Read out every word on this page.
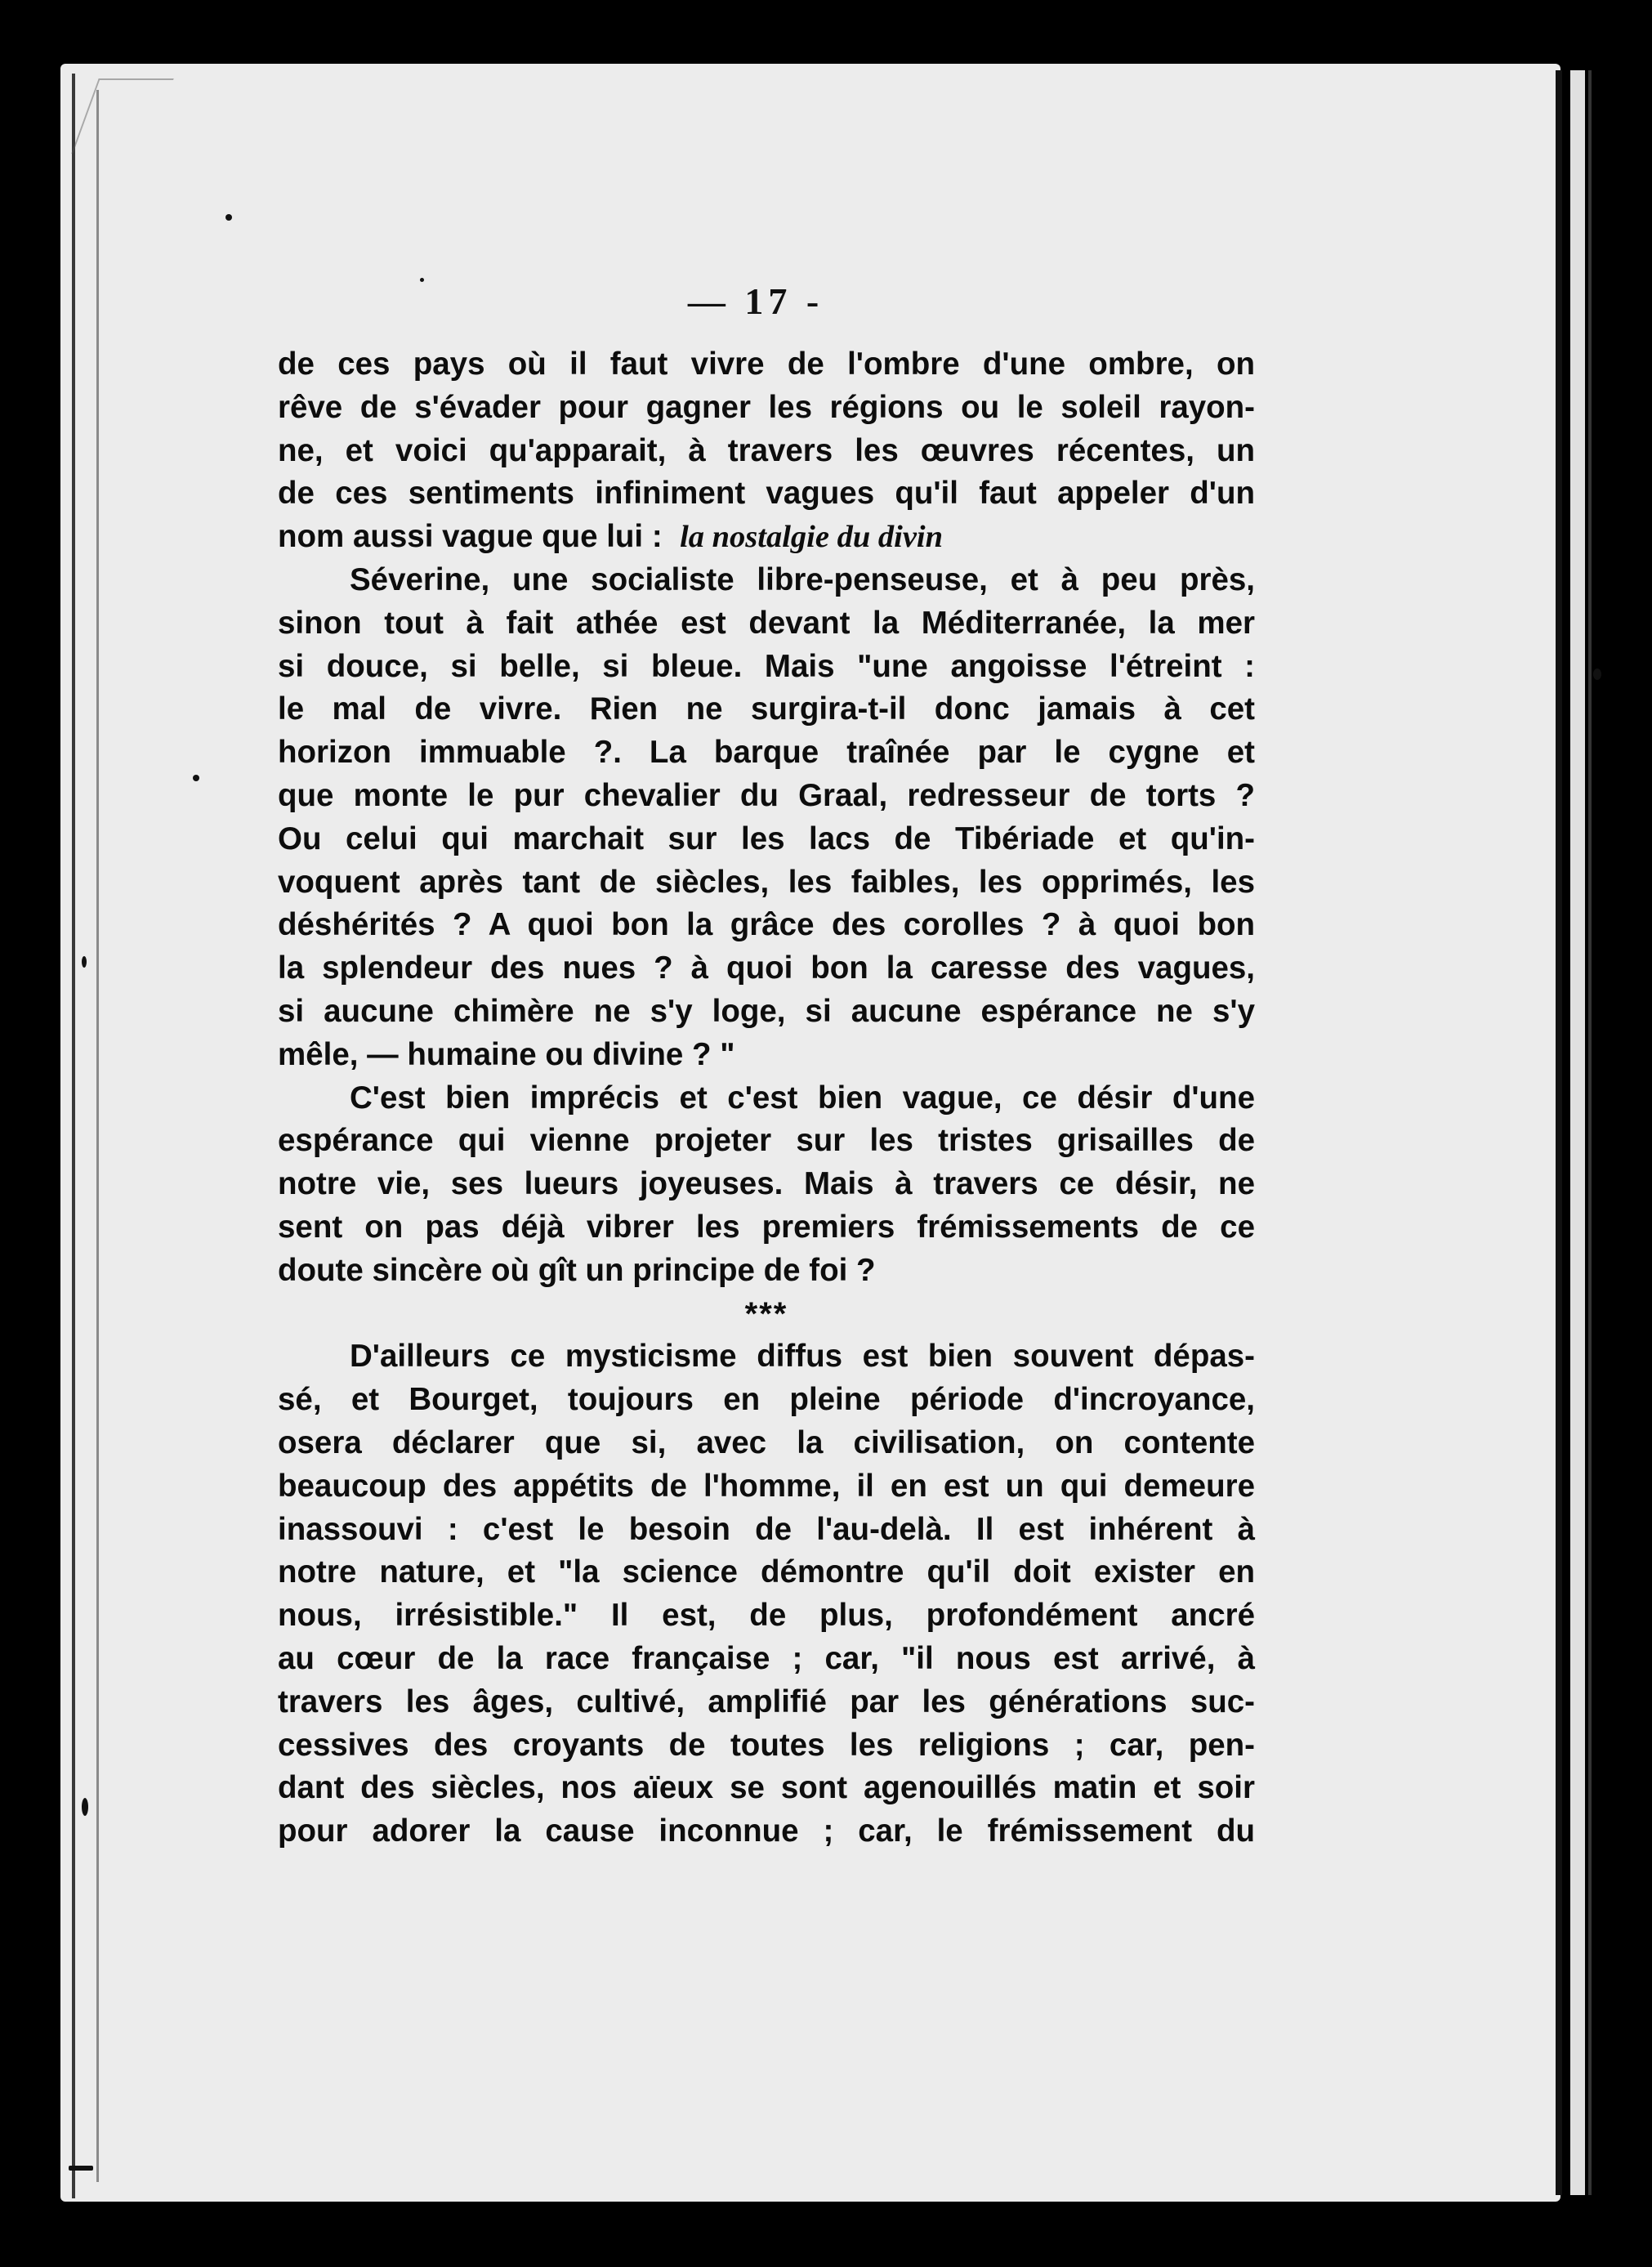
— 17 -
de ces pays où il faut vivre de l'ombre d'une ombre, on
rêve de s'évader pour gagner les régions ou le soleil rayon-
ne, et voici qu'apparait, à travers les œuvres récentes, un
de ces sentiments infiniment vagues qu'il faut appeler d'un
nom aussi vague que lui : la nostalgie du divin
Séverine, une socialiste libre-penseuse, et à peu près,
sinon tout à fait athée est devant la Méditerranée, la mer
si douce, si belle, si bleue. Mais "une angoisse l'étreint :
le mal de vivre. Rien ne surgira-t-il donc jamais à cet
horizon immuable ?. La barque traînée par le cygne et
que monte le pur chevalier du Graal, redresseur de torts ?
Ou celui qui marchait sur les lacs de Tibériade et qu'in-
voquent après tant de siècles, les faibles, les opprimés, les
déshérités ? A quoi bon la grâce des corolles ? à quoi bon
la splendeur des nues ? à quoi bon la caresse des vagues,
si aucune chimère ne s'y loge, si aucune espérance ne s'y
mêle, — humaine ou divine ? "
C'est bien imprécis et c'est bien vague, ce désir d'une
espérance qui vienne projeter sur les tristes grisailles de
notre vie, ses lueurs joyeuses. Mais à travers ce désir, ne
sent on pas déjà vibrer les premiers frémissements de ce
doute sincère où gît un principe de foi ?
***
D'ailleurs ce mysticisme diffus est bien souvent dépas-
sé, et Bourget, toujours en pleine période d'incroyance,
osera déclarer que si, avec la civilisation, on contente
beaucoup des appétits de l'homme, il en est un qui demeure
inassouvi : c'est le besoin de l'au-delà. Il est inhérent à
notre nature, et "la science démontre qu'il doit exister en
nous, irrésistible." Il est, de plus, profondément ancré
au cœur de la race française ; car, "il nous est arrivé, à
travers les âges, cultivé, amplifié par les générations suc-
cessives des croyants de toutes les religions ; car, pen-
dant des siècles, nos aïeux se sont agenouillés matin et soir
pour adorer la cause inconnue ; car, le frémissement du
